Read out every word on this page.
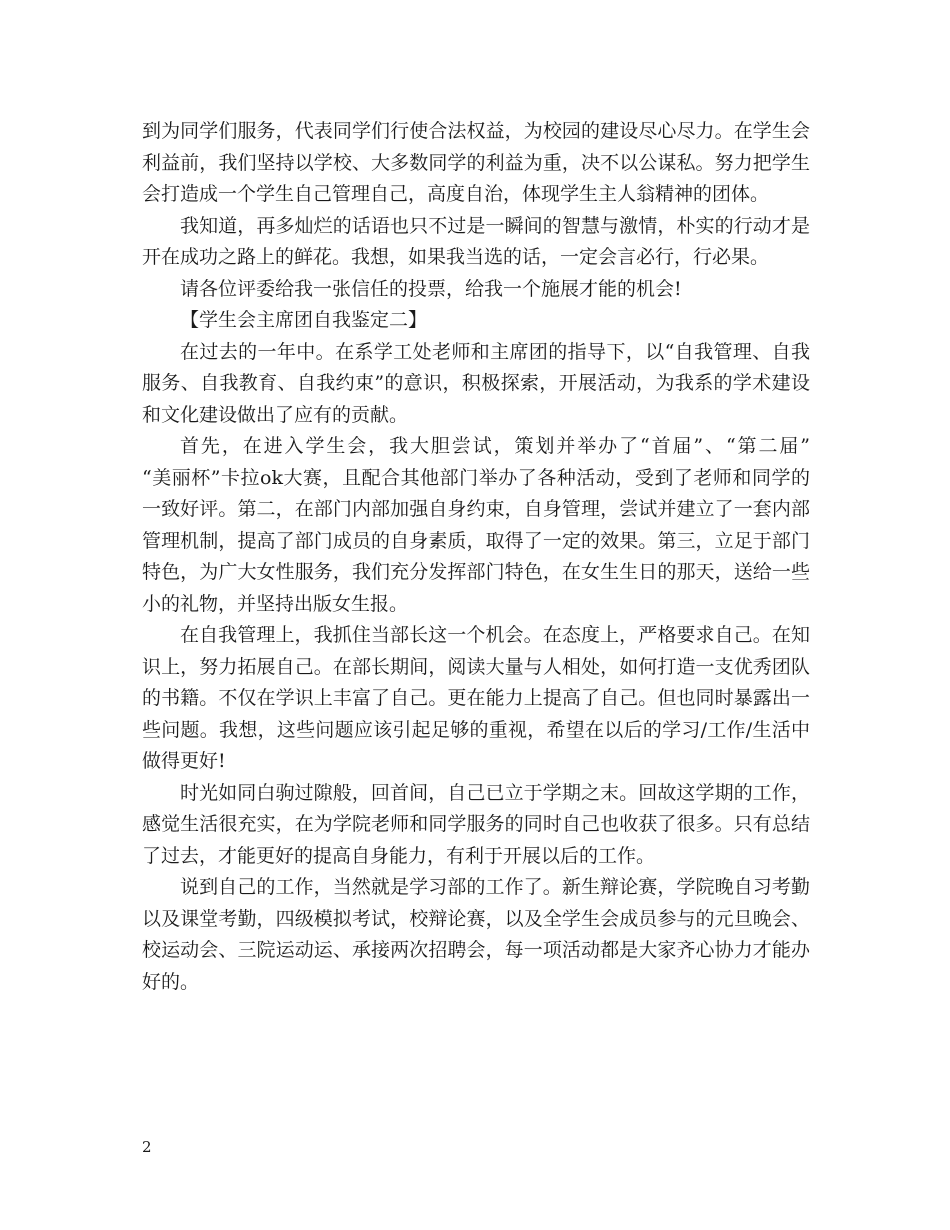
到为同学们服务，代表同学们行使合法权益，为校园的建设尽心尽力。在学生会
利益前，我们坚持以学校、大多数同学的利益为重，决不以公谋私。努力把学生
会打造成一个学生自己管理自己，高度自治，体现学生主人翁精神的团体。
我知道，再多灿烂的话语也只不过是一瞬间的智慧与激情，朴实的行动才是
开在成功之路上的鲜花。我想，如果我当选的话，一定会言必行，行必果。
请各位评委给我一张信任的投票，给我一个施展才能的机会!
【学生会主席团自我鉴定二】
在过去的一年中。在系学工处老师和主席团的指导下，以“自我管理、自我
服务、自我教育、自我约束”的意识，积极探索，开展活动，为我系的学术建设
和文化建设做出了应有的贡献。
首先，在进入学生会，我大胆尝试，策划并举办了“首届”、“第二届”
“美丽杯”卡拉ok大赛，且配合其他部门举办了各种活动，受到了老师和同学的
一致好评。第二，在部门内部加强自身约束，自身管理，尝试并建立了一套内部
管理机制，提高了部门成员的自身素质，取得了一定的效果。第三，立足于部门
特色，为广大女性服务，我们充分发挥部门特色，在女生生日的那天，送给一些
小的礼物，并坚持出版女生报。
在自我管理上，我抓住当部长这一个机会。在态度上，严格要求自己。在知
识上，努力拓展自己。在部长期间，阅读大量与人相处，如何打造一支优秀团队
的书籍。不仅在学识上丰富了自己。更在能力上提高了自己。但也同时暴露出一
些问题。我想，这些问题应该引起足够的重视，希望在以后的学习/工作/生活中
做得更好!
时光如同白驹过隙般，回首间，自己已立于学期之末。回故这学期的工作，
感觉生活很充实，在为学院老师和同学服务的同时自己也收获了很多。只有总结
了过去，才能更好的提高自身能力，有利于开展以后的工作。
说到自己的工作，当然就是学习部的工作了。新生辩论赛，学院晚自习考勤
以及课堂考勤，四级模拟考试，校辩论赛，以及全学生会成员参与的元旦晚会、
校运动会、三院运动运、承接两次招聘会，每一项活动都是大家齐心协力才能办
好的。
2
